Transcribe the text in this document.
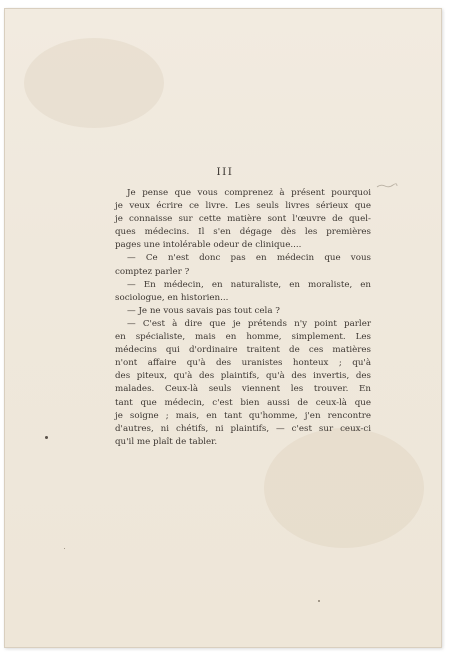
III
Je pense que vous comprenez à présent pourquoi
je veux écrire ce livre. Les seuls livres sérieux que
je connaisse sur cette matière sont l'œuvre de quel-
ques médecins. Il s'en dégage dès les premières
pages une intolérable odeur de clinique....
— Ce n'est donc pas en médecin que vous
comptez parler ?
— En médecin, en naturaliste, en moraliste, en
sociologue, en historien...
— Je ne vous savais pas tout cela ?
— C'est à dire que je prétends n'y point parler
en spécialiste, mais en homme, simplement. Les
médecins qui d'ordinaire traitent de ces matières
n'ont affaire qu'à des uranistes honteux ; qu'à
des piteux, qu'à des plaintifs, qu'à des invertis, des
malades. Ceux-là seuls viennent les trouver. En
tant que médecin, c'est bien aussi de ceux-là que
je soigne ; mais, en tant qu'homme, j'en rencontre
d'autres, ni chétifs, ni plaintifs, — c'est sur ceux-ci
qu'il me plaît de tabler.
